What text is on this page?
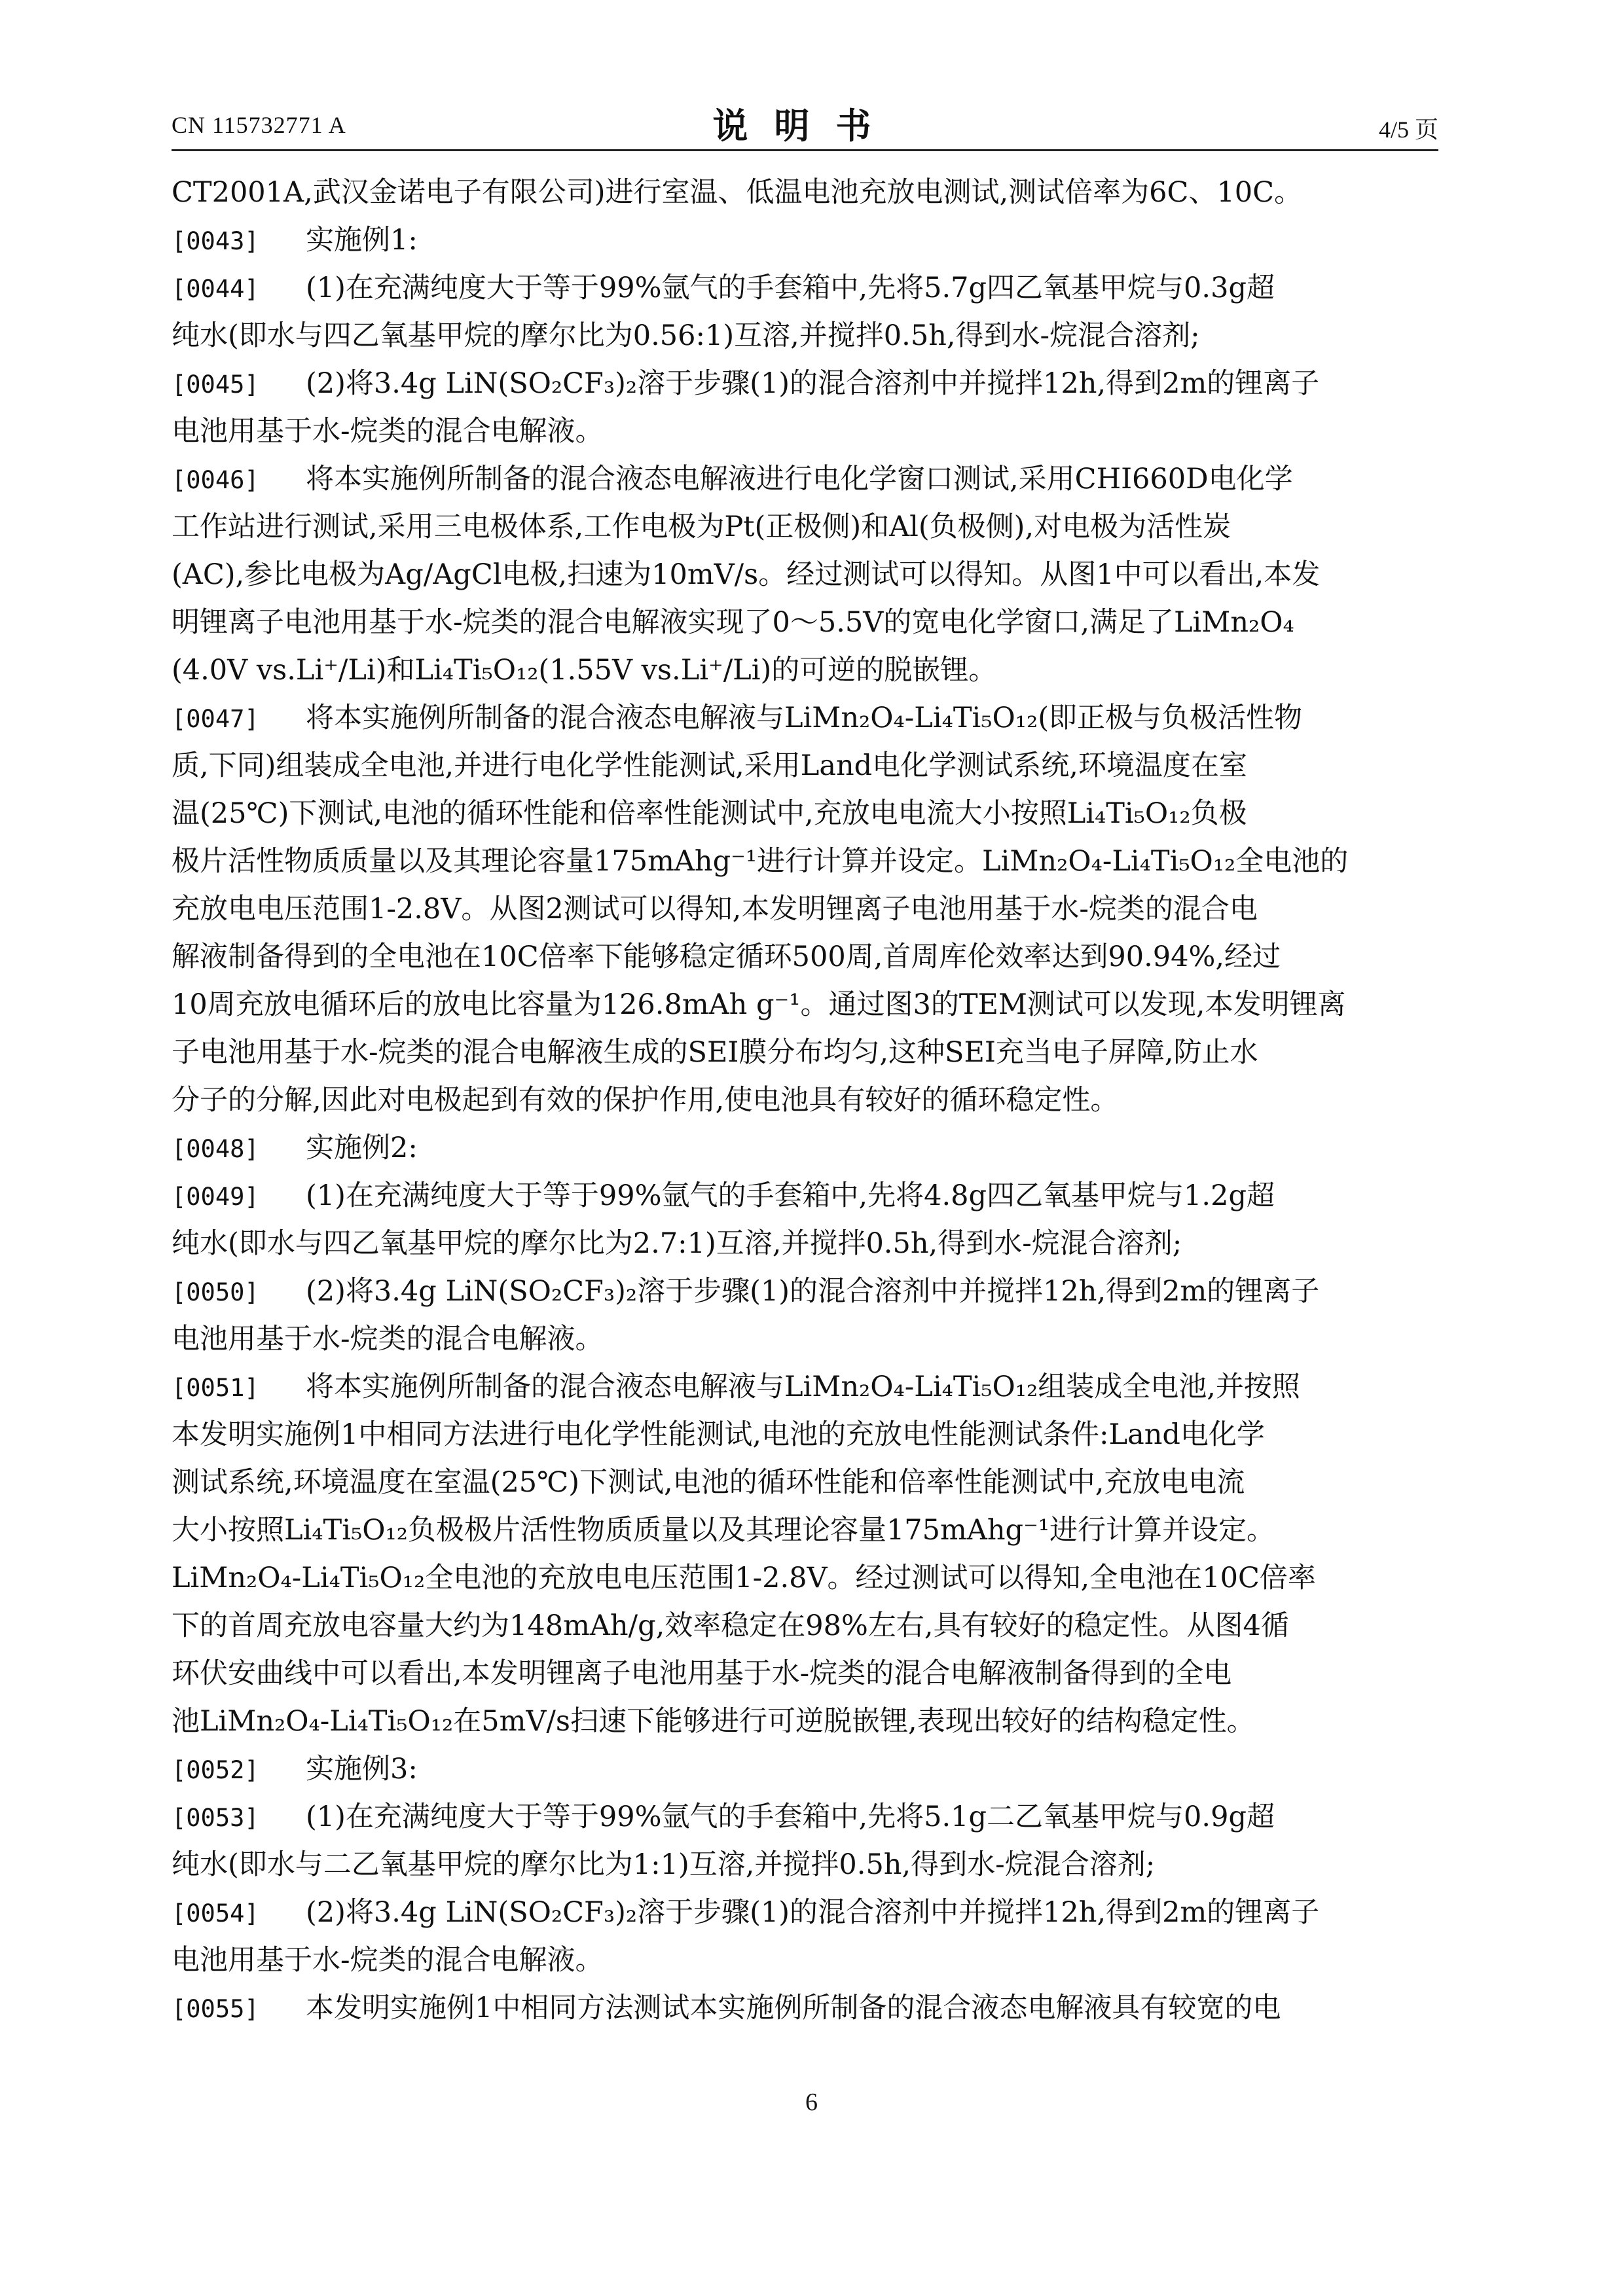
CN 115732771 A	说明书	4/5 页
CT2001A,武汉金诺电子有限公司)进行室温、低温电池充放电测试,测试倍率为6C、10C。
[0043] 实施例1:
[0044] (1)在充满纯度大于等于99%氩气的手套箱中,先将5.7g四乙氧基甲烷与0.3g超
纯水(即水与四乙氧基甲烷的摩尔比为0.56:1)互溶,并搅拌0.5h,得到水-烷混合溶剂;
[0045] (2)将3.4g LiN(SO₂CF₃)₂溶于步骤(1)的混合溶剂中并搅拌12h,得到2m的锂离子
电池用基于水-烷类的混合电解液。
[0046] 将本实施例所制备的混合液态电解液进行电化学窗口测试,采用CHI660D电化学
工作站进行测试,采用三电极体系,工作电极为Pt(正极侧)和Al(负极侧),对电极为活性炭
(AC),参比电极为Ag/AgCl电极,扫速为10mV/s。经过测试可以得知。从图1中可以看出,本发
明锂离子电池用基于水-烷类的混合电解液实现了0～5.5V的宽电化学窗口,满足了LiMn₂O₄
(4.0V vs.Li⁺/Li)和Li₄Ti₅O₁₂(1.55V vs.Li⁺/Li)的可逆的脱嵌锂。
[0047] 将本实施例所制备的混合液态电解液与LiMn₂O₄-Li₄Ti₅O₁₂(即正极与负极活性物
质,下同)组装成全电池,并进行电化学性能测试,采用Land电化学测试系统,环境温度在室
温(25℃)下测试,电池的循环性能和倍率性能测试中,充放电电流大小按照Li₄Ti₅O₁₂负极
极片活性物质质量以及其理论容量175mAhg⁻¹进行计算并设定。LiMn₂O₄-Li₄Ti₅O₁₂全电池的
充放电电压范围1-2.8V。从图2测试可以得知,本发明锂离子电池用基于水-烷类的混合电
解液制备得到的全电池在10C倍率下能够稳定循环500周,首周库伦效率达到90.94%,经过
10周充放电循环后的放电比容量为126.8mAh g⁻¹。通过图3的TEM测试可以发现,本发明锂离
子电池用基于水-烷类的混合电解液生成的SEI膜分布均匀,这种SEI充当电子屏障,防止水
分子的分解,因此对电极起到有效的保护作用,使电池具有较好的循环稳定性。
[0048] 实施例2:
[0049] (1)在充满纯度大于等于99%氩气的手套箱中,先将4.8g四乙氧基甲烷与1.2g超
纯水(即水与四乙氧基甲烷的摩尔比为2.7:1)互溶,并搅拌0.5h,得到水-烷混合溶剂;
[0050] (2)将3.4g LiN(SO₂CF₃)₂溶于步骤(1)的混合溶剂中并搅拌12h,得到2m的锂离子
电池用基于水-烷类的混合电解液。
[0051] 将本实施例所制备的混合液态电解液与LiMn₂O₄-Li₄Ti₅O₁₂组装成全电池,并按照
本发明实施例1中相同方法进行电化学性能测试,电池的充放电性能测试条件:Land电化学
测试系统,环境温度在室温(25℃)下测试,电池的循环性能和倍率性能测试中,充放电电流
大小按照Li₄Ti₅O₁₂负极极片活性物质质量以及其理论容量175mAhg⁻¹进行计算并设定。
LiMn₂O₄-Li₄Ti₅O₁₂全电池的充放电电压范围1-2.8V。经过测试可以得知,全电池在10C倍率
下的首周充放电容量大约为148mAh/g,效率稳定在98%左右,具有较好的稳定性。从图4循
环伏安曲线中可以看出,本发明锂离子电池用基于水-烷类的混合电解液制备得到的全电
池LiMn₂O₄-Li₄Ti₅O₁₂在5mV/s扫速下能够进行可逆脱嵌锂,表现出较好的结构稳定性。
[0052] 实施例3:
[0053] (1)在充满纯度大于等于99%氩气的手套箱中,先将5.1g二乙氧基甲烷与0.9g超
纯水(即水与二乙氧基甲烷的摩尔比为1:1)互溶,并搅拌0.5h,得到水-烷混合溶剂;
[0054] (2)将3.4g LiN(SO₂CF₃)₂溶于步骤(1)的混合溶剂中并搅拌12h,得到2m的锂离子
电池用基于水-烷类的混合电解液。
[0055] 本发明实施例1中相同方法测试本实施例所制备的混合液态电解液具有较宽的电
6
